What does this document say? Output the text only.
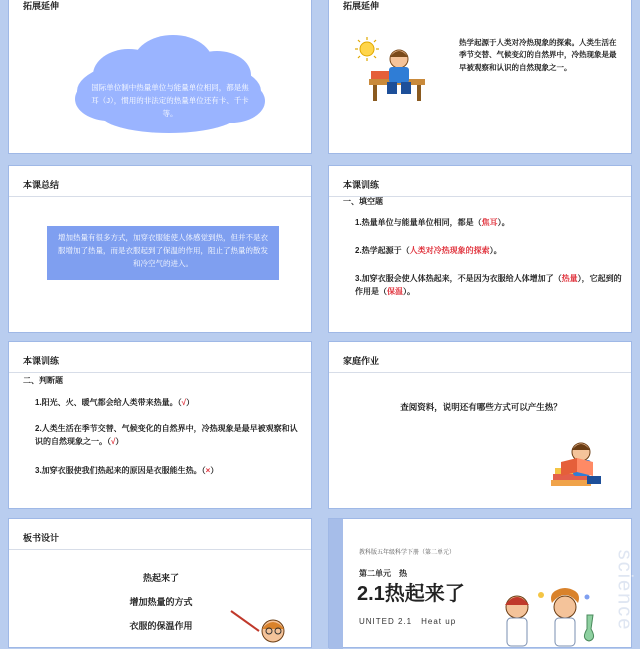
拓展延伸
国际单位制中热量单位与能量单位相同，都是焦耳（J），惯用的非法定的热量单位还有卡、千卡等。
拓展延伸
热学起源于人类对冷热现象的探索。人类生活在季节交替、气候变幻的自然界中，冷热现象是最早被观察和认识的自然现象之一。
本课总结
增加热量有很多方式，加穿衣服能使人体感觉到热，但并不是衣服增加了热量，而是衣服起到了保温的作用，阻止了热量的散发和冷空气的进入。
本课训练
一、填空题
1.热量单位与能量单位相同，都是（焦耳）。
2.热学起源于（人类对冷热现象的探索）。
3.加穿衣服会使人体热起来，不是因为衣服给人体增加了（热量），它起到的作用是（保温）。
本课训练
二、判断题
1.阳光、火、暖气都会给人类带来热量。（√）
2.人类生活在季节交替、气候变化的自然界中，冷热现象是最早被观察和认识的自然现象之一。（√）
3.加穿衣服使我们热起来的原因是衣服能生热。（×）
家庭作业
查阅资料，说明还有哪些方式可以产生热？
板书设计
热起来了
增加热量的方式
衣服的保温作用	science
教科版五年级科学下册（第二单元）
第二单元　热
2.1热起来了
UNITED 2.1　Heat up
